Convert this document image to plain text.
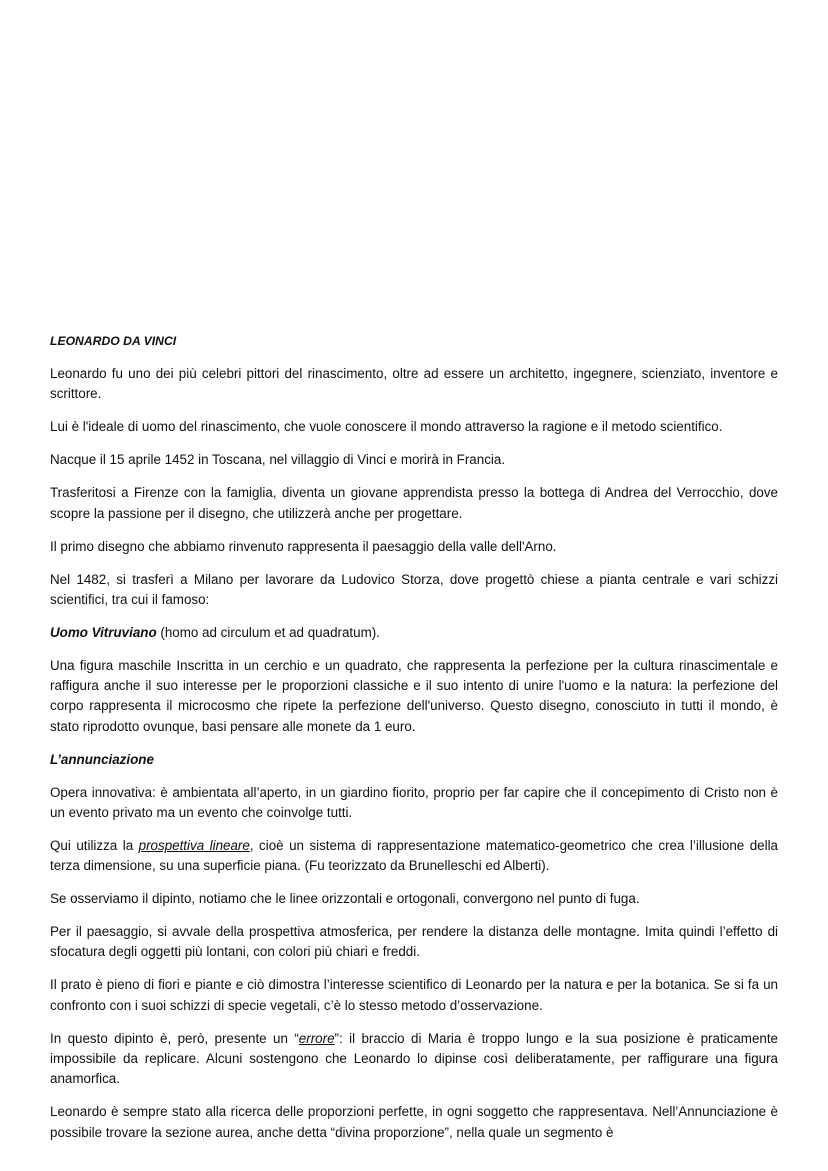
LEONARDO DA VINCI

Leonardo fu uno dei più celebri pittori del rinascimento, oltre ad essere un architetto, ingegnere, scienziato, inventore e scrittore.

Lui è l'ideale di uomo del rinascimento, che vuole conoscere il mondo attraverso la ragione e il metodo scientifico.

Nacque il 15 aprile 1452 in Toscana, nel villaggio di Vinci e morirà in Francia.

Trasferitosi a Firenze con la famiglia, diventa un giovane apprendista presso la bottega di Andrea del Verrocchio, dove scopre la passione per il disegno, che utilizzerà anche per progettare.

Il primo disegno che abbiamo rinvenuto rappresenta il paesaggio della valle dell'Arno.

Nel 1482, si trasferì a Milano per lavorare da Ludovico Storza, dove progettò chiese a pianta centrale e vari schizzi scientifici, tra cui il famoso:

Uomo Vitruviano (homo ad circulum et ad quadratum).

Una figura maschile Inscritta in un cerchio e un quadrato, che rappresenta la perfezione per la cultura rinascimentale e raffigura anche il suo interesse per le proporzioni classiche e il suo intento di unire l'uomo e la natura: la perfezione del corpo rappresenta il microcosmo che ripete la perfezione dell'universo. Questo disegno, conosciuto in tutti il mondo, è stato riprodotto ovunque, basi pensare alle monete da 1 euro.

L’annunciazione

Opera innovativa: è ambientata all’aperto, in un giardino fiorito, proprio per far capire che il concepimento di Cristo non è un evento privato ma un evento che coinvolge tutti.

Qui utilizza la prospettiva lineare, cioè un sistema di rappresentazione matematico-geometrico che crea l’illusione della terza dimensione, su una superficie piana. (Fu teorizzato da Brunelleschi ed Alberti).

Se osserviamo il dipinto, notiamo che le linee orizzontali e ortogonali, convergono nel punto di fuga.

Per il paesaggio, si avvale della prospettiva atmosferica, per rendere la distanza delle montagne. Imita quindi l’effetto di sfocatura degli oggetti più lontani, con colori più chiari e freddi.

Il prato è pieno di fiori e piante e ciò dimostra l’interesse scientifico di Leonardo per la natura e per la botanica. Se si fa un confronto con i suoi schizzi di specie vegetali, c’è lo stesso metodo d’osservazione.

In questo dipinto è, però, presente un “errore”: il braccio di Maria è troppo lungo e la sua posizione è praticamente impossibile da replicare. Alcuni sostengono che Leonardo lo dipinse così deliberatamente, per raffigurare una figura anamorfica.

Leonardo è sempre stato alla ricerca delle proporzioni perfette, in ogni soggetto che rappresentava. Nell’Annunciazione è possibile trovare la sezione aurea, anche detta “divina proporzione”, nella quale un segmento è
